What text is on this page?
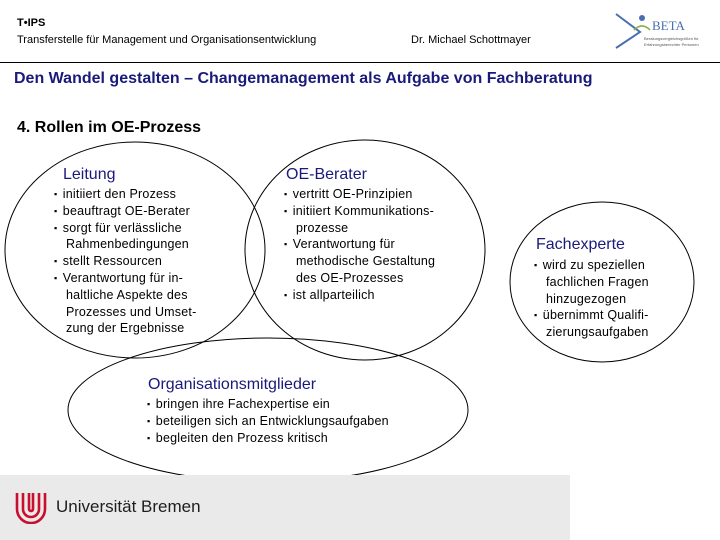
T•IPS
Transferstelle für Management und Organisationsentwicklung	Dr. Michael Schottmayer
BETA
Beratungsvergleichsgrößen für
Erfahrungsberechter Personen
Den Wandel gestalten – Changemanagement als Aufgabe von Fachberatung
4. Rollen im OE-Prozess
Leitung
▪  initiiert den Prozess
▪  beauftragt OE-Berater
▪  sorgt für verlässliche
Rahmenbedingungen
▪  stellt Ressourcen
▪  Verantwortung für in-
haltliche Aspekte des
Prozesses und Umset-
zung der Ergebnisse
OE-Berater
▪  vertritt OE-Prinzipien
▪  initiiert Kommunikations-
prozesse
▪  Verantwortung für
methodische Gestaltung
des OE-Prozesses
▪  ist allparteilich
Fachexperte
▪  wird zu speziellen
fachlichen Fragen
hinzugezogen
▪  übernimmt Qualifi-
zierungsaufgaben
Organisationsmitglieder
▪  bringen ihre Fachexpertise ein
▪  beteiligen sich an Entwicklungsaufgaben
▪  begleiten den Prozess kritisch
Universität Bremen
